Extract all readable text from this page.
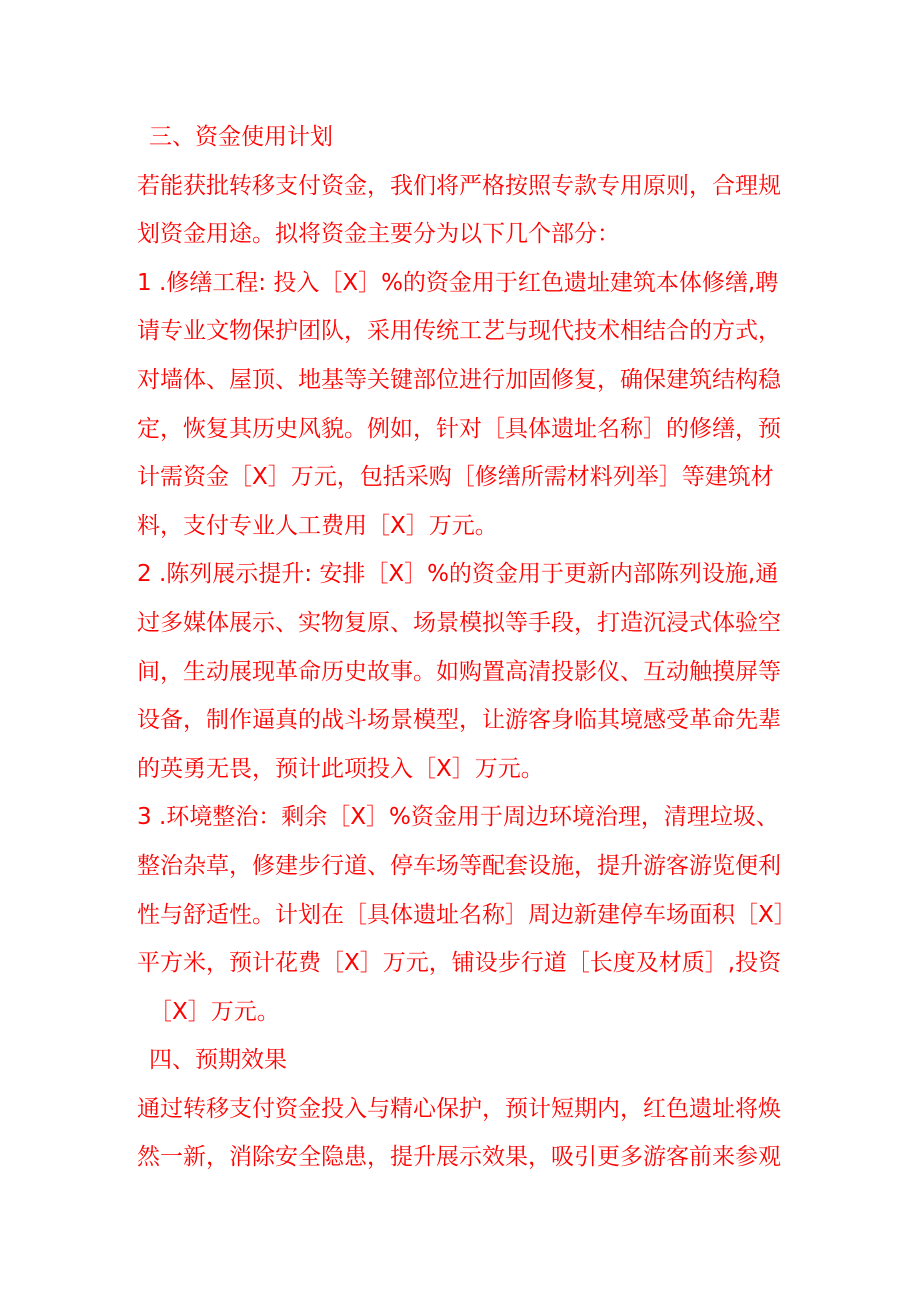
三、资金使用计划
若能获批转移支付资金，我们将严格按照专款专用原则，合理规
划资金用途。拟将资金主要分为以下几个部分：
1 .修缮工程: 投入［X］%的资金用于红色遗址建筑本体修缮,聘
请专业文物保护团队，采用传统工艺与现代技术相结合的方式，
对墙体、屋顶、地基等关键部位进行加固修复，确保建筑结构稳
定，恢复其历史风貌。例如，针对［具体遗址名称］的修缮，预
计需资金［X］万元，包括采购［修缮所需材料列举］等建筑材
料，支付专业人工费用［X］万元。
2 .陈列展示提升: 安排［X］%的资金用于更新内部陈列设施,通
过多媒体展示、实物复原、场景模拟等手段，打造沉浸式体验空
间，生动展现革命历史故事。如购置高清投影仪、互动触摸屏等
设备，制作逼真的战斗场景模型，让游客身临其境感受革命先辈
的英勇无畏，预计此项投入［X］万元。
3 .环境整治：剩余［X］%资金用于周边环境治理，清理垃圾、
整治杂草，修建步行道、停车场等配套设施，提升游客游览便利
性与舒适性。计划在［具体遗址名称］周边新建停车场面积［X］
平方米，预计花费［X］万元，铺设步行道［长度及材质］,投资
［X］万元。
四、预期效果
通过转移支付资金投入与精心保护，预计短期内，红色遗址将焕
然一新，消除安全隐患，提升展示效果，吸引更多游客前来参观
